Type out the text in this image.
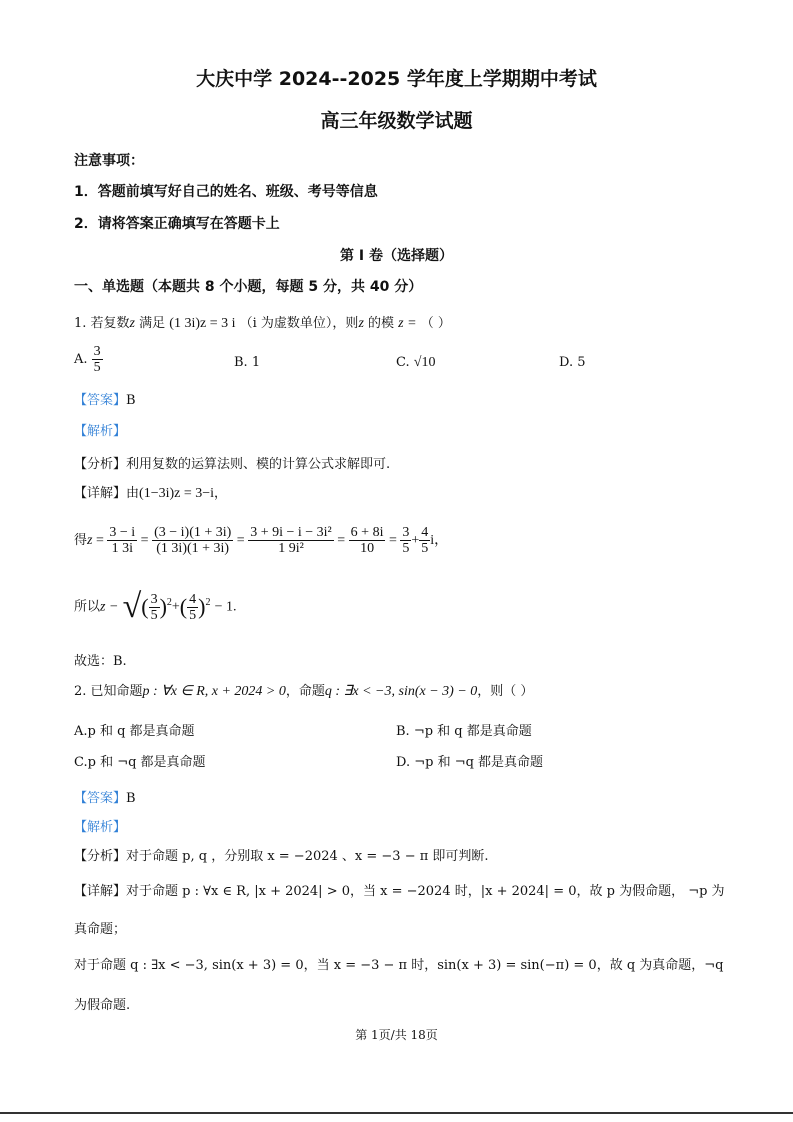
大庆中学 2024--2025 学年度上学期期中考试
高三年级数学试题
注意事项：
1．答题前填写好自己的姓名、班级、考号等信息
2．请将答案正确填写在答题卡上
第 I 卷（选择题）
一、单选题（本题共 8 个小题，每题 5 分，共 40 分）
1. 若复数z 满足 (1 3i)z = 3 i （i 为虚数单位），则z 的模 z = （ ）
A. $\frac{3}{5}$	B. 1	C. √10	D. 5
【答案】B
【解析】
【分析】利用复数的运算法则、模的计算公式求解即可.
【详解】由(1−3i)z = 3−i，
得$z = \frac{3 - i}{1 3i} = \frac{(3 - i)(1 + 3i)}{(1 3i)(1 + 3i)} = \frac{\text{3 + 9i − i − 3i²}}{\text{1 9i²}} = \frac{6 + 8i}{10} = \frac{3}{5} + \frac{4}{5}$ i，
所以z − √( $\frac{3}{5} )^2+( \frac{4}{5} )^2 - 1$.
故选：B.
2. 已知命题p : ∀x ∈ R, x + 2024 > 0，命题q : ∃x < −3, sin(x − 3) − 0，则（ ）
A.p 和 q 都是真命题	B. ¬p 和 q 都是真命题
C.p 和 ¬q 都是真命题	D. ¬p 和 ¬q 都是真命题
【答案】B
【解析】
【分析】对于命题 p, q ，分别取 x = −2024 、x = −3 − π 即可判断.
【详解】对于命题 p : ∀x ∈ R, |x + 2024| > 0，当 x = −2024 时，|x + 2024| = 0，故 p 为假命题， ¬p 为
真命题；
对于命题 q : ∃x < −3, sin(x + 3) = 0，当 x = −3 − π 时，sin(x + 3) = sin(−π) = 0，故 q 为真命题，¬q
为假命题.
第 1页/共 18页
